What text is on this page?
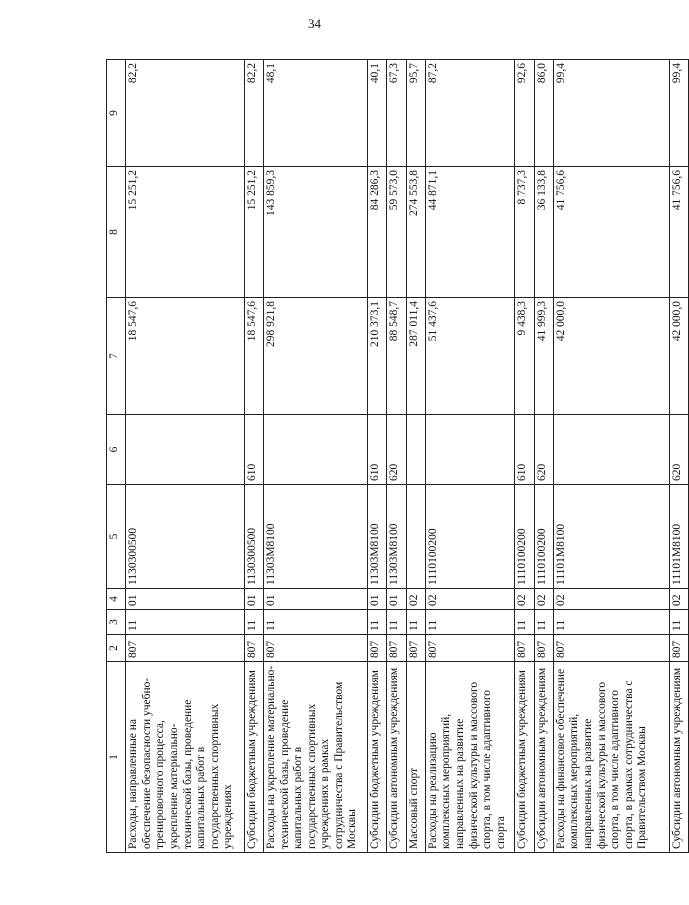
34
1	2	3	4	5	6	7	8	9
Расходы, направленные на обеспечение безопасности учебно-тренировочного процесса, укрепление материально-технической базы, проведение капитальных работ в государственных спортивных учреждениях	807	11	01	1130300500		18 547,6	15 251,2	82,2
Субсидии бюджетным учреждениям	807	11	01	1130300500	610	18 547,6	15 251,2	82,2
Расходы на укрепление материально-технической базы, проведение капитальных работ в государственных спортивных учреждениях в рамках сотрудничества с Правительством Москвы	807	11	01	11303М8100		298 921,8	143 859,3	48,1
Субсидии бюджетным учреждениям	807	11	01	11303М8100	610	210 373,1	84 286,3	40,1
Субсидии автономным учреждениям	807	11	01	11303М8100	620	88 548,7	59 573,0	67,3
Массовый спорт	807	11	02			287 011,4	274 553,8	95,7
Расходы на реализацию комплексных мероприятий, направленных на развитие физической культуры и массового спорта, в том числе адаптивного спорта	807	11	02	1110100200		51 437,6	44 871,1	87,2
Субсидии бюджетным учреждениям	807	11	02	1110100200	610	9 438,3	8 737,3	92,6
Субсидии автономным учреждениям	807	11	02	1110100200	620	41 999,3	36 133,8	86,0
Расходы на финансовое обеспечение комплексных мероприятий, направленных на развитие физической культуры и массового спорта, в том числе адаптивного спорта, в рамках сотрудничества с Правительством Москвы	807	11	02	11101М8100		42 000,0	41 756,6	99,4
Субсидии автономным учреждениям	807	11	02	11101М8100	620	42 000,0	41 756,6	99,4
